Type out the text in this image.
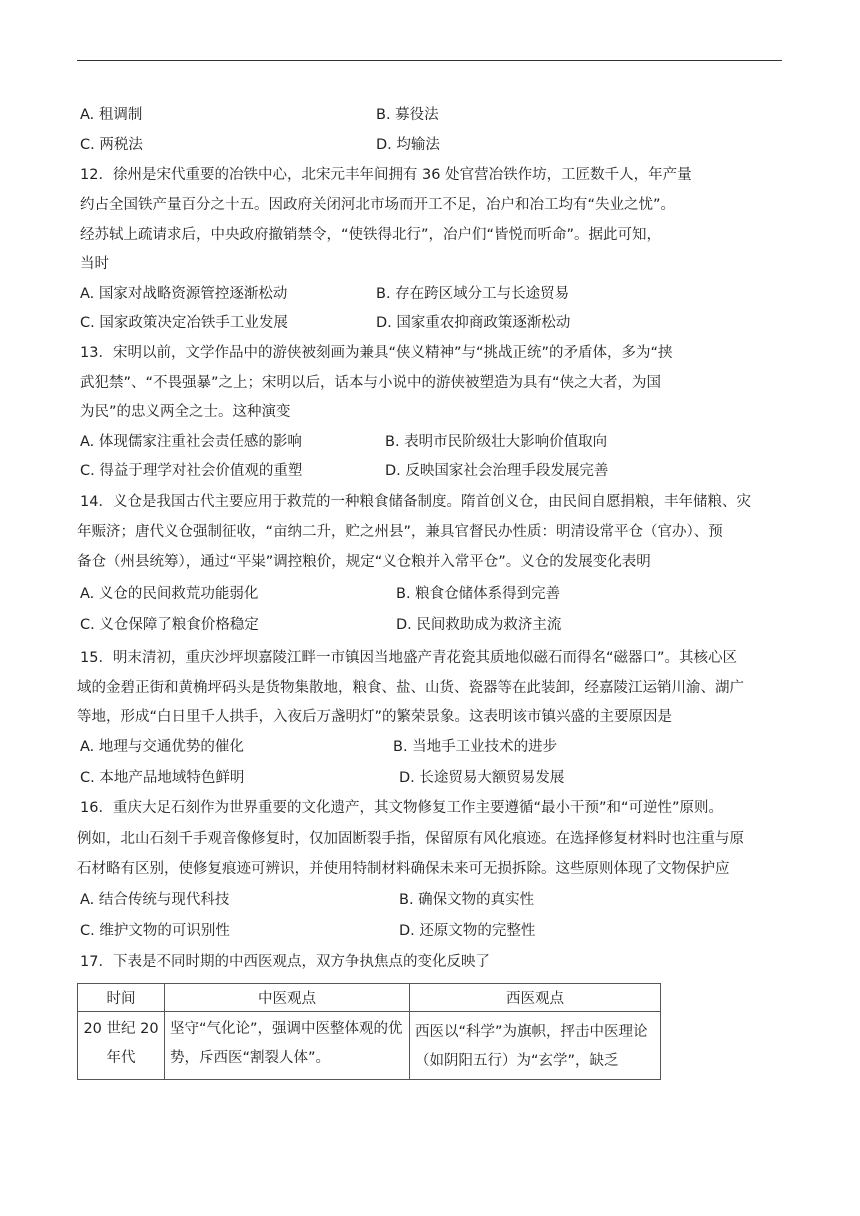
A. 租调制	B. 募役法
C. 两税法	D. 均输法
12．徐州是宋代重要的冶铁中心，北宋元丰年间拥有 36 处官营冶铁作坊，工匠数千人，年产量
约占全国铁产量百分之十五。因政府关闭河北市场而开工不足，冶户和冶工均有“失业之忧”。
经苏轼上疏请求后，中央政府撤销禁令，“使铁得北行”，冶户们“皆悦而听命”。据此可知，
当时
A. 国家对战略资源管控逐渐松动	B. 存在跨区域分工与长途贸易
C. 国家政策决定冶铁手工业发展	D. 国家重农抑商政策逐渐松动
13．宋明以前，文学作品中的游侠被刻画为兼具“侠义精神”与“挑战正统”的矛盾体，多为“挟
武犯禁”、“不畏强暴”之上；宋明以后，话本与小说中的游侠被塑造为具有“侠之大者，为国
为民”的忠义两全之士。这种演变
A. 体现儒家注重社会责任感的影响	B. 表明市民阶级壮大影响价值取向
C. 得益于理学对社会价值观的重塑	D. 反映国家社会治理手段发展完善
14．义仓是我国古代主要应用于救荒的一种粮食储备制度。隋首创义仓，由民间自愿捐粮，丰年储粮、灾
年赈济；唐代义仓强制征收，“亩纳二升，贮之州县”，兼具官督民办性质：明清设常平仓（官办）、预
备仓（州县统筹），通过“平粜”调控粮价，规定“义仓粮并入常平仓”。义仓的发展变化表明
A. 义仓的民间救荒功能弱化	B. 粮食仓储体系得到完善
C. 义仓保障了粮食价格稳定	D. 民间救助成为救济主流
15．明末清初，重庆沙坪坝嘉陵江畔一市镇因当地盛产青花瓷其质地似磁石而得名“磁器口”。其核心区
域的金碧正街和黄桷坪码头是货物集散地，粮食、盐、山货、瓷器等在此装卸，经嘉陵江运销川渝、湖广
等地，形成“白日里千人拱手，入夜后万盏明灯”的繁荣景象。这表明该市镇兴盛的主要原因是
A. 地理与交通优势的催化	B. 当地手工业技术的进步
C. 本地产品地域特色鲜明	D. 长途贸易大额贸易发展
16．重庆大足石刻作为世界重要的文化遗产，其文物修复工作主要遵循“最小干预”和“可逆性”原则。
例如，北山石刻千手观音像修复时，仅加固断裂手指，保留原有风化痕迹。在选择修复材料时也注重与原
石材略有区别，使修复痕迹可辨识，并使用特制材料确保未来可无损拆除。这些原则体现了文物保护应
A. 结合传统与现代科技	B. 确保文物的真实性
C. 维护文物的可识别性	D. 还原文物的完整性
17．下表是不同时期的中西医观点，双方争执焦点的变化反映了
时间	中医观点	西医观点

20 世纪 20 年代	坚守“气化论”，强调中医整体观的优势，斥西医“割裂人体”。	西医以“科学”为旗帜，抨击中医理论（如阴阳五行）为“玄学”，缺乏
